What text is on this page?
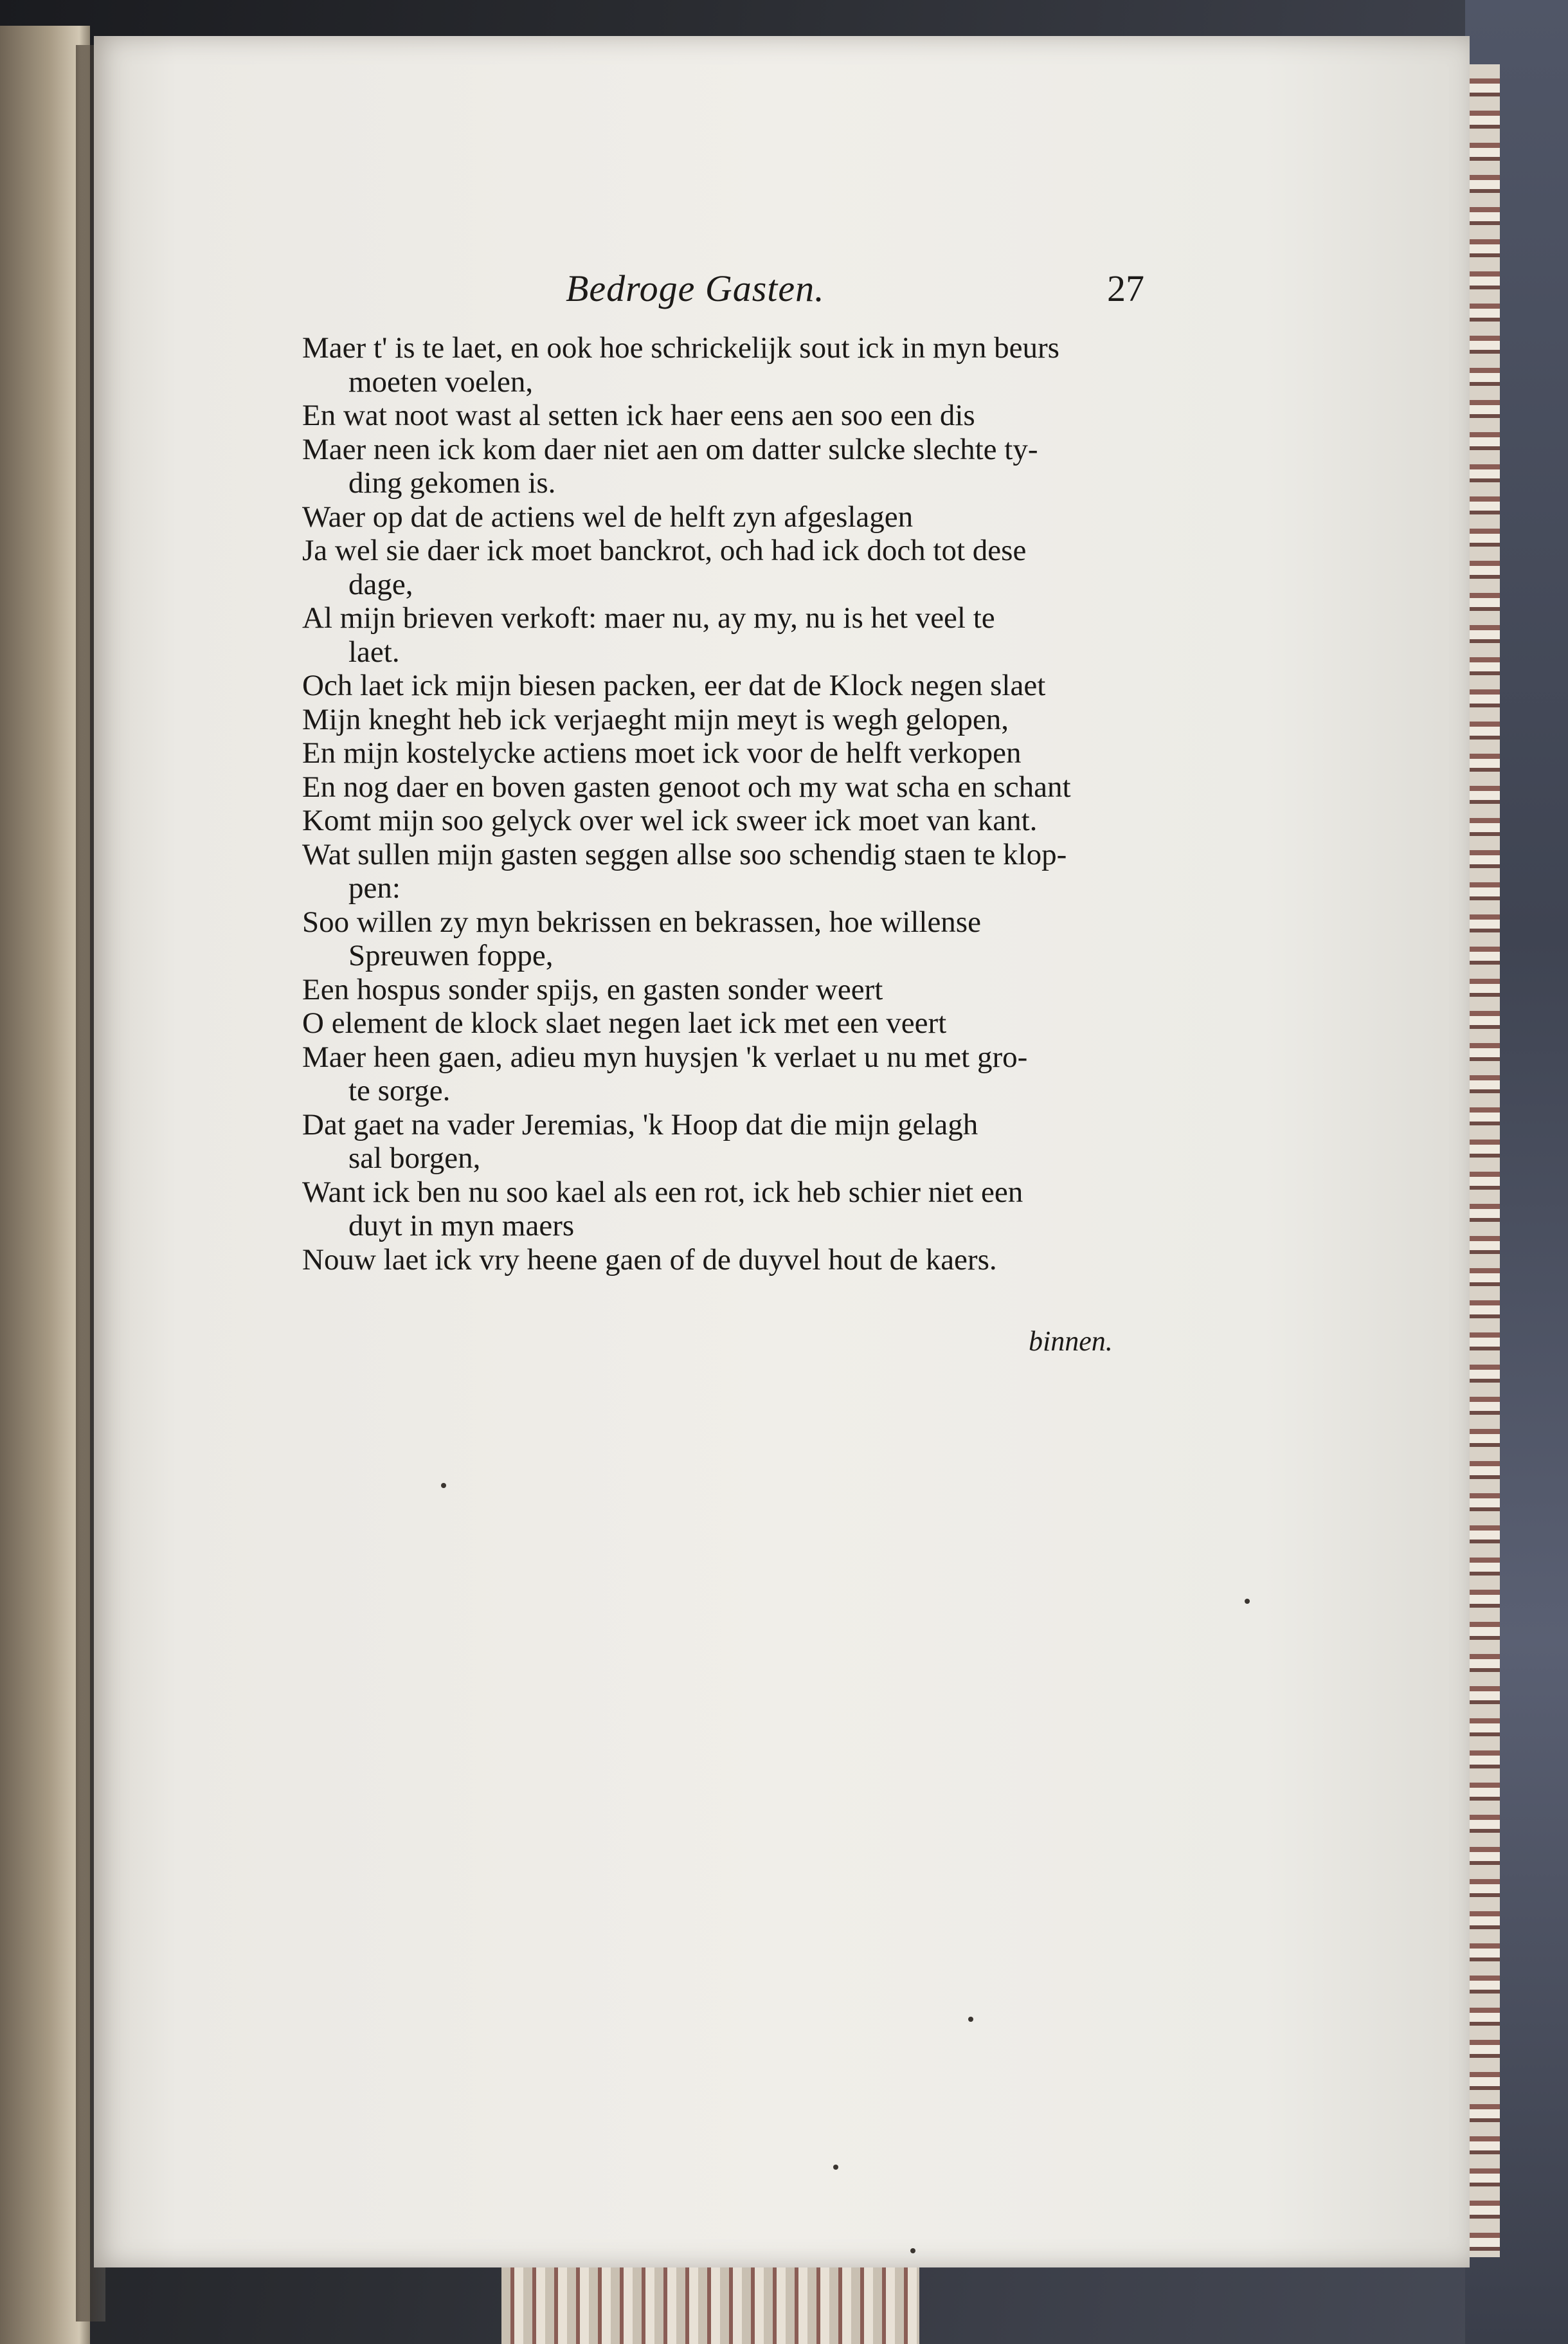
Bedroge Gasten.	27
Maer t' is te laet, en ook hoe schrickelijk sout ick in myn beurs
moeten voelen,
En wat noot wast al setten ick haer eens aen soo een dis
Maer neen ick kom daer niet aen om datter sulcke slechte ty-
ding gekomen is.
Waer op dat de actiens wel de helft zyn afgeslagen
Ja wel sie daer ick moet banckrot, och had ick doch tot dese
dage,
Al mijn brieven verkoft: maer nu, ay my, nu is het veel te
laet.
Och laet ick mijn biesen packen, eer dat de Klock negen slaet
Mijn kneght heb ick verjaeght mijn meyt is wegh gelopen,
En mijn kostelycke actiens moet ick voor de helft verkopen
En nog daer en boven gasten genoot och my wat scha en schant
Komt mijn soo gelyck over wel ick sweer ick moet van kant.
Wat sullen mijn gasten seggen allse soo schendig staen te klop-
pen:
Soo willen zy myn bekrissen en bekrassen, hoe willense
Spreuwen foppe,
Een hospus sonder spijs, en gasten sonder weert
O element de klock slaet negen laet ick met een veert
Maer heen gaen, adieu myn huysjen 'k verlaet u nu met gro-
te sorge.
Dat gaet na vader Jeremias, 'k Hoop dat die mijn gelagh
sal borgen,
Want ick ben nu soo kael als een rot, ick heb schier niet een
duyt in myn maers
Nouw laet ick vry heene gaen of de duyvel hout de kaers.
binnen.
